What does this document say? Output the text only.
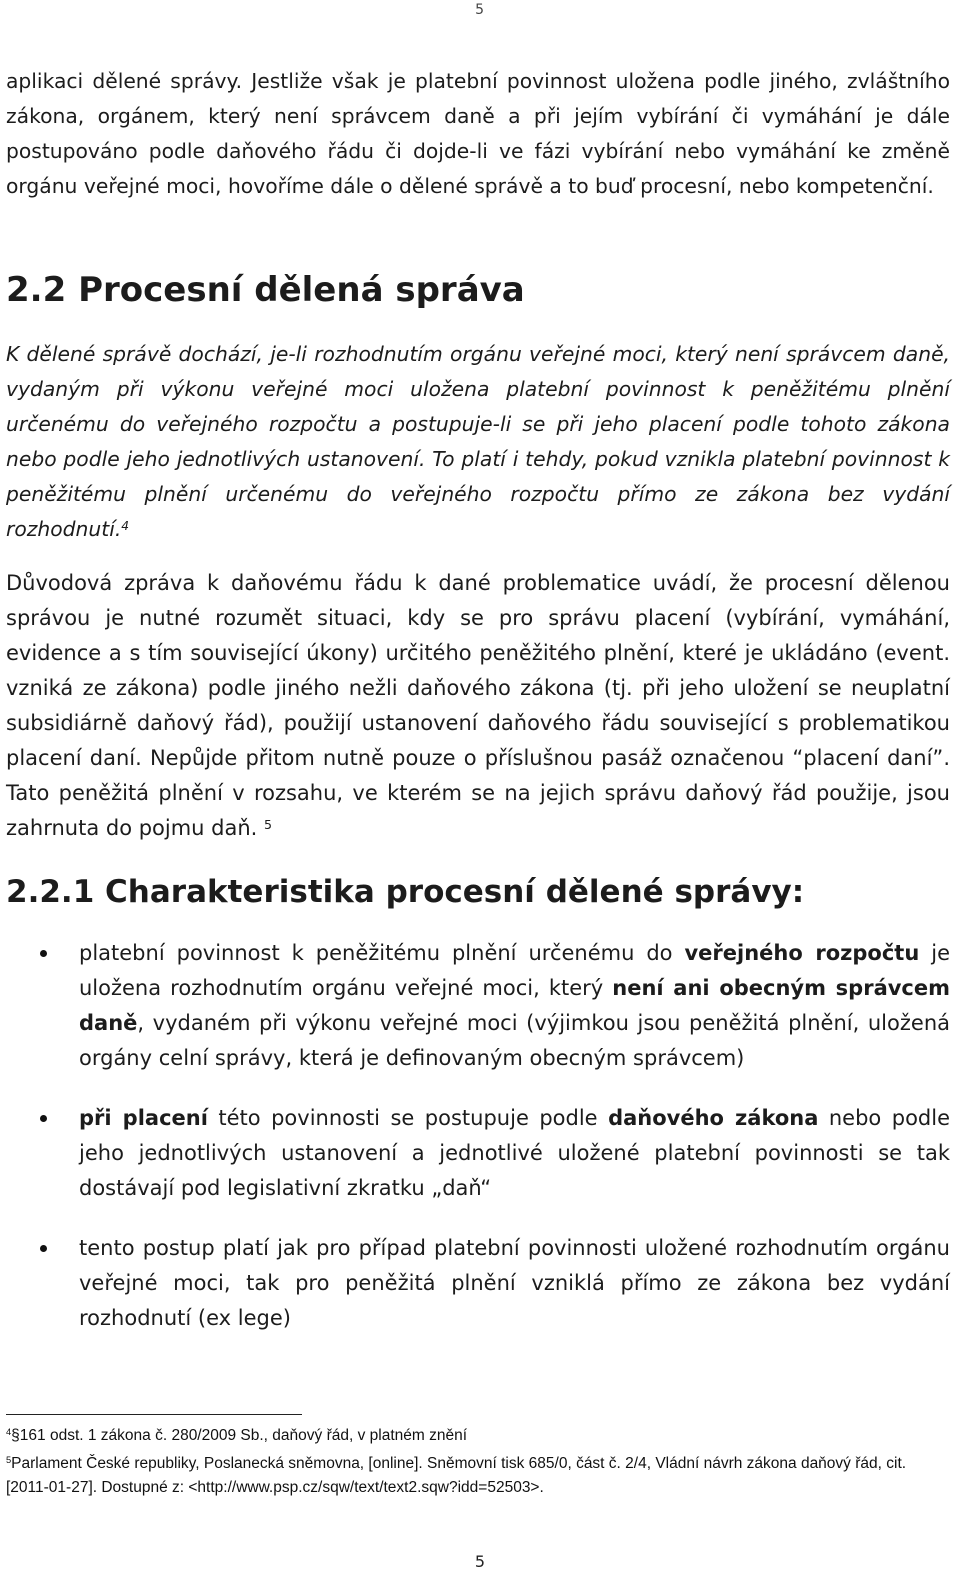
5

aplikaci dělené správy. Jestliže však je platební povinnost uložena podle jiného, zvláštního zákona, orgánem, který není správcem daně a při jejím vybírání či vymáhání je dále postupováno podle daňového řádu či dojde-li ve fázi vybírání nebo vymáhání ke změně orgánu veřejné moci, hovoříme dále o dělené správě a to buď procesní, nebo kompetenční.

2.2 Procesní dělená správa

K dělené správě dochází, je-li rozhodnutím orgánu veřejné moci, který není správcem daně, vydaným při výkonu veřejné moci uložena platební povinnost k peněžitému plnění určenému do veřejného rozpočtu a postupuje-li se při jeho placení podle tohoto zákona nebo podle jeho jednotlivých ustanovení. To platí i tehdy, pokud vznikla platební povinnost k peněžitému plnění určenému do veřejného rozpočtu přímo ze zákona bez vydání rozhodnutí.$^4$

Důvodová zpráva k daňovému řádu k dané problematice uvádí, že procesní dělenou správou je nutné rozumět situaci, kdy se pro správu placení (vybírání, vymáhání, evidence a s tím související úkony) určitého peněžitého plnění, které je ukládáno (event. vzniká ze zákona) podle jiného nežli daňového zákona (tj. při jeho uložení se neuplatní subsidiárně daňový řád), použijí ustanovení daňového řádu související s problematikou placení daní. Nepůjde přitom nutně pouze o příslušnou pasáž označenou “placení daní”. Tato peněžitá plnění v rozsahu, ve kterém se na jejich správu daňový řád použije, jsou zahrnuta do pojmu daň. $^5$

2.2.1 Charakteristika procesní dělené správy:
platební povinnost k peněžitému plnění určenému do veřejného rozpočtu je uložena rozhodnutím orgánu veřejné moci, který není ani obecným správcem daně, vydaném při výkonu veřejné moci (výjimkou jsou peněžitá plnění, uložená orgány celní správy, která je definovaným obecným správcem)
při placení této povinnosti se postupuje podle daňového zákona nebo podle jeho jednotlivých ustanovení a jednotlivé uložené platební povinnosti se tak dostávají pod legislativní zkratku „daň“
tento postup platí jak pro případ platební povinnosti uložené rozhodnutím orgánu veřejné moci, tak pro peněžitá plnění vzniklá přímo ze zákona bez vydání rozhodnutí (ex lege)
$^4$§161 odst. 1 zákona č. 280/2009 Sb., daňový řád, v platném znění
$^5$Parlament České republiky, Poslanecká sněmovna, [online]. Sněmovní tisk 685/0, část č. 2/4, Vládní návrh zákona daňový řád, cit. [2011-01-27]. Dostupné z: <http://www.psp.cz/sqw/text/text2.sqw?idd=52503>.
5
